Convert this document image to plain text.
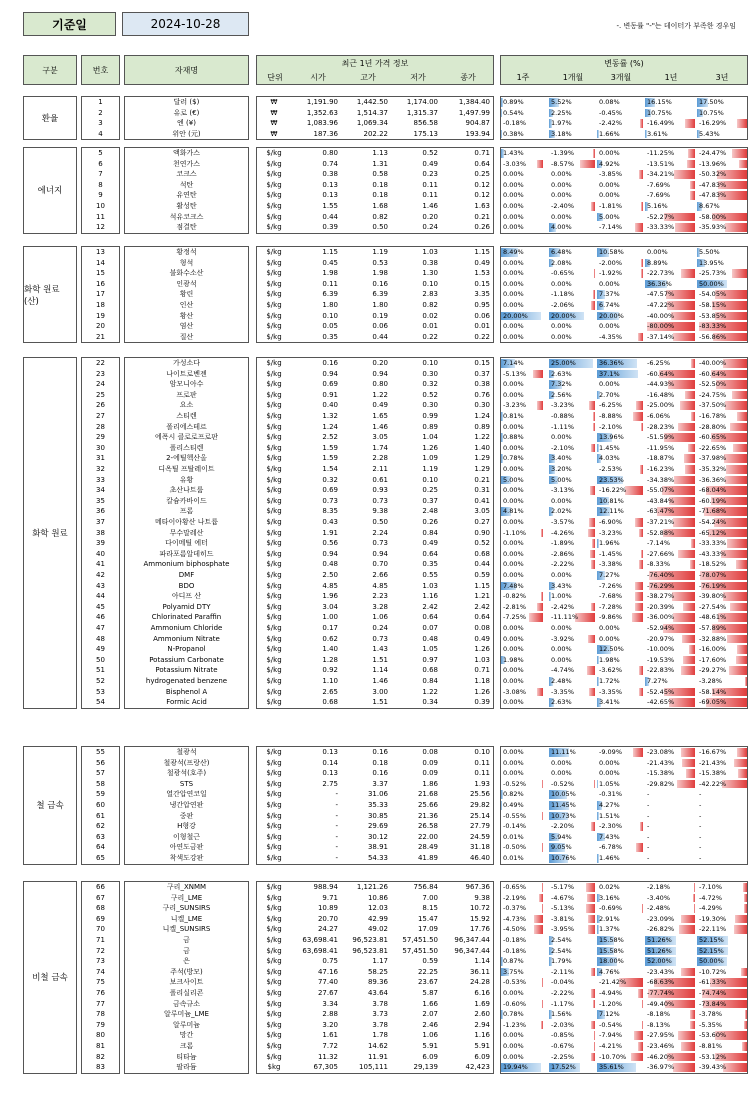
기준일	2024-10-28	-. 변동률 "-"는 데이터가 부족한 경우임
구분	번호	자재명
최근 1년 가격 정보
단위	시가	고가	저가	종가
변동률 (%)
1주	1개월	3개월	1년	3년
환율
1	달러 ($)	₩	1,191.90	1,442.50	1,174.00	1,384.40 0.89%	5.52%	0.08%	16.15%	17.50%
2	유로 (€)	₩	1,352.63	1,514.37	1,315.37	1,497.99 0.54%	2.25%	-0.45%	10.75%	10.75%
3	엔 (¥)	₩	1,083.96	1,069.34	856.58	904.87 -0.18%	1.97%	-2.42%	-16.49%	-16.29%
4	위안 (元)	₩	187.36	202.22	175.13	193.94 0.38%	3.18%	1.66%	3.61%	5.43%
에너지
5	액화가스	$/kg	0.80	1.13	0.52	0.71 1.43%	-1.39%	0.00%	-11.25%	-24.47%
6	천연가스	$/kg	0.74	1.31	0.49	0.64 -3.03%	-8.57%	4.92%	-13.51%	-13.96%
7	코크스	$/kg	0.38	0.58	0.23	0.25 0.00%	0.00%	-3.85%	-34.21%	-50.32%
8	석탄	$/kg	0.13	0.18	0.11	0.12 0.00%	0.00%	0.00%	-7.69%	-47.83%
9	유연탄	$/kg	0.13	0.18	0.11	0.12 0.00%	0.00%	0.00%	-7.69%	-47.83%
10	활성탄	$/kg	1.55	1.68	1.46	1.63 0.00%	-2.40%	-1.81%	5.16%	8.67%
11	석유코크스	$/kg	0.44	0.82	0.20	0.21 0.00%	0.00%	5.00%	-52.27%	-58.00%
12	점결탄	$/kg	0.39	0.50	0.24	0.26 0.00%	4.00%	-7.14%	-33.33%	-35.93%
화학 원료 (산)
13	황정석	$/kg	1.15	1.19	1.03	1.15 8.49%	6.48%	10.58%	0.00%	5.50%
14	형석	$/kg	0.45	0.53	0.38	0.49 0.00%	2.08%	-2.00%	8.89%	13.95%
15	불화수소산	$/kg	1.98	1.98	1.30	1.53 0.00%	-0.65%	-1.92%	-22.73%	-25.73%
16	인광석	$/kg	0.11	0.16	0.10	0.15 0.00%	0.00%	0.00%	36.36%	50.00%
17	황린	$/kg	6.39	6.39	2.83	3.35 0.00%	-1.18%	7.37%	-47.57%	-54.05%
18	인산	$/kg	1.80	1.80	0.82	0.95 0.00%	-2.06%	6.74%	-47.22%	-58.15%
19	황산	$/kg	0.10	0.19	0.02	0.06 20.00%	20.00%	20.00%	-40.00%	-53.85%
20	염산	$/kg	0.05	0.06	0.01	0.01 0.00%	0.00%	0.00%	-80.00%	-83.33%
21	질산	$/kg	0.35	0.44	0.22	0.22 0.00%	0.00%	-4.35%	-37.14%	-56.86%
화학 원료
22	가성소다	$/kg	0.16	0.20	0.10	0.15 7.14%	25.00%	36.36%	-6.25%	-40.00%
23	나이트로벤젠	$/kg	0.94	0.94	0.30	0.37 -5.13%	2.63%	37.1%	-60.64%	-60.64%
24	암모니아수	$/kg	0.69	0.80	0.32	0.38 0.00%	7.32%	0.00%	-44.93%	-52.50%
25	프로판	$/kg	0.91	1.22	0.52	0.76 0.00%	2.56%	2.70%	-16.48%	-24.75%
26	요소	$/kg	0.40	0.49	0.30	0.30 -3.23%	-3.23%	-6.25%	-25.00%	-37.50%
27	스티렌	$/kg	1.32	1.65	0.99	1.24 0.81%	-0.88%	-8.88%	-6.06%	-16.78%
28	폴리에스테르	$/kg	1.24	1.46	0.89	0.89 0.00%	-1.11%	-2.10%	-28.23%	-28.80%
29	에폭시 클로로프로판	$/kg	2.52	3.05	1.04	1.22 0.88%	0.00%	13.96%	-51.59%	-60.65%
30	폴리스티렌	$/kg	1.59	1.74	1.26	1.40 0.00%	-2.10%	1.45%	-11.95%	-22.65%
31	2-에틸헥산올	$/kg	1.59	2.28	1.09	1.29 0.78%	3.40%	4.03%	-18.87%	-37.98%
32	디옥틸 프탈레이트	$/kg	1.54	2.11	1.19	1.29 0.00%	3.20%	-2.53%	-16.23%	-35.32%
33	유황	$/kg	0.32	0.61	0.10	0.21 5.00%	5.00%	23.53%	-34.38%	-36.36%
34	초산나트륨	$/kg	0.69	0.93	0.25	0.31 0.00%	-3.13%	-16.22%	-55.07%	-68.04%
35	칼슘카바이드	$/kg	0.73	0.73	0.37	0.41 0.00%	0.00%	10.81%	-43.84%	-60.19%
36	프롬	$/kg	8.35	9.38	2.48	3.05 4.81%	2.02%	12.11%	-63.47%	-71.68%
37	메타이아황산 나트륨	$/kg	0.43	0.50	0.26	0.27 0.00%	-3.57%	-6.90%	-37.21%	-54.24%
38	무수말레산	$/kg	1.91	2.24	0.84	0.90 -1.10%	-4.26%	-3.23%	-52.88%	-65.12%
39	다이메틸 에터	$/kg	0.56	0.73	0.49	0.52 0.00%	-1.89%	1.96%	-7.14%	-33.33%
40	파라포름알데히드	$/kg	0.94	0.94	0.64	0.68 0.00%	-2.86%	-1.45%	-27.66%	-43.33%
41	Ammonium biphosphate	$/kg	0.48	0.70	0.35	0.44 0.00%	-2.22%	-3.38%	-8.33%	-18.52%
42	DMF	$/kg	2.50	2.66	0.55	0.59 0.00%	0.00%	7.27%	-76.40%	-78.07%
43	BDO	$/kg	4.85	4.85	1.03	1.15 7.48%	3.43%	-7.26%	-76.29%	-76.19%
44	아디프 산	$/kg	1.96	2.23	1.16	1.21 -0.82%	1.00%	-7.68%	-38.27%	-39.80%
45	Polyamid DTY	$/kg	3.04	3.28	2.42	2.42 -2.81%	-2.42%	-7.28%	-20.39%	-27.54%
46	Chlorinated Paraffin	$/kg	1.00	1.06	0.64	0.64 -7.25%	-11.11%	-9.86%	-36.00%	-48.61%
47	Ammonium Chloride	$/kg	0.17	0.24	0.07	0.08 0.00%	0.00%	0.00%	-52.94%	-57.89%
48	Ammonium Nitrate	$/kg	0.62	0.73	0.48	0.49 0.00%	-3.92%	0.00%	-20.97%	-32.88%
49	N-Propanol	$/kg	1.40	1.43	1.05	1.26 0.00%	0.00%	12.50%	-10.00%	-16.00%
50	Potassium Carbonate	$/kg	1.28	1.51	0.97	1.03 1.98%	0.00%	1.98%	-19.53%	-17.60%
51	Potassium Nitrate	$/kg	0.92	1.14	0.68	0.71 0.00%	-4.74%	-3.62%	-22.83%	-29.27%
52	hydrogenated benzene	$/kg	1.10	1.46	0.84	1.18 0.00%	2.48%	1.72%	7.27%	-3.28%
53	Bisphenol A	$/kg	2.65	3.00	1.22	1.26 -3.08%	-3.35%	-3.35%	-52.45%	-58.14%
54	Formic Acid	$/kg	0.68	1.51	0.34	0.39 0.00%	2.63%	3.41%	-42.65%	-69.05%
철 금속
55	철광석	$/kg	0.13	0.16	0.08	0.10 0.00%	11.11%	-9.09%	-23.08%	-16.67%
56	철광석(프랑산)	$/kg	0.14	0.18	0.09	0.11 0.00%	0.00%	0.00%	-21.43%	-21.43%
57	철광석(호주)	$/kg	0.13	0.16	0.09	0.11 0.00%	0.00%	0.00%	-15.38%	-15.38%
58	STS	$/kg	2.75	3.37	1.86	1.93 -0.52%	-0.52%	1.05%	-29.82%	-42.22%
59	열간압연코일	$/kg	-	31.06	21.68	25.56 0.82%	10.05%	-0.31%	-	-
60	냉간압연판	$/kg	-	35.33	25.66	29.82 0.49%	11.45%	4.27%	-	-
61	중판	$/kg	-	30.85	21.36	25.14 -0.55%	10.73%	1.51%	-	-
62	H형강	$/kg	-	29.69	26.58	27.79 -0.14%	-2.20%	-2.30%	-	-
63	이형철근	$/kg	-	30.12	22.00	24.59 0.01%	5.94%	7.43%	-	-
64	아연도금판	$/kg	-	38.91	28.49	31.18 -0.50%	9.05%	-6.78%	-	-
65	착색도강판	$/kg	-	54.33	41.89	46.40 0.01%	10.76%	1.46%	-	-
비철 금속
66	구리_XNMM	$/kg	988.94	1,121.26	756.84	967.36 -0.65%	-5.17%	0.02%	-2.18%	-7.10%
67	구리_LME	$/kg	9.71	10.86	7.00	9.38 -2.19%	-4.67%	3.16%	-3.40%	-4.72%
68	구리_SUNSIRS	$/kg	10.89	12.03	8.15	10.72 -0.37%	-5.13%	-0.69%	-2.48%	-4.29%
69	니켈_LME	$/kg	20.70	42.99	15.47	15.92 -4.73%	-3.81%	2.91%	-23.09%	-19.30%
70	니켈_SUNSIRS	$/kg	24.27	49.02	17.09	17.76 -4.50%	-3.95%	1.37%	-26.82%	-22.11%
71	금	$/kg	63,698.41	96,523.81	57,451.50	96,347.44 -0.18%	2.54%	15.58%	51.26%	52.15%
72	금	$/kg	63,698.41	96,523.81	57,451.50	96,347.44 -0.18%	2.54%	15.58%	51.26%	52.15%
73	은	$/kg	0.75	1.17	0.59	1.14 0.87%	1.79%	18.00%	52.00%	50.00%
74	주석(방모)	$/kg	47.16	58.25	22.25	36.11 3.75%	-2.11%	4.76%	-23.43%	-10.72%
75	보크사이트	$/kg	77.40	89.36	23.67	24.28 -0.53%	-0.04%	-21.42%	-68.63%	-61.33%
76	폴리실리콘	$/kg	27.67	43.64	5.87	6.16 0.00%	-2.22%	-4.94%	-77.74%	-74.74%
77	금속규소	$/kg	3.34	3.78	1.66	1.69 -0.60%	-1.17%	-1.20%	-49.40%	-73.84%
78	알루미늄_LME	$/kg	2.88	3.73	2.07	2.60 0.78%	1.56%	7.12%	-8.18%	-3.78%
79	알루미늄	$/kg	3.20	3.78	2.46	2.94 -1.23%	-2.03%	-0.54%	-8.13%	-5.35%
80	망간	$/kg	1.61	1.78	1.06	1.16 0.00%	-0.85%	-7.94%	-27.95%	-53.60%
81	크롬	$/kg	7.72	14.62	5.91	5.91 0.00%	-0.67%	-4.21%	-23.46%	-8.81%
82	티타늄	$/kg	11.32	11.91	6.09	6.09 0.00%	-2.25%	-10.70%	-46.20%	-53.12%
83	팔라듐	$kg	67,305	105,111	29,139	42,423 19.94%	17.52%	35.61%	-36.97%	-39.43%
